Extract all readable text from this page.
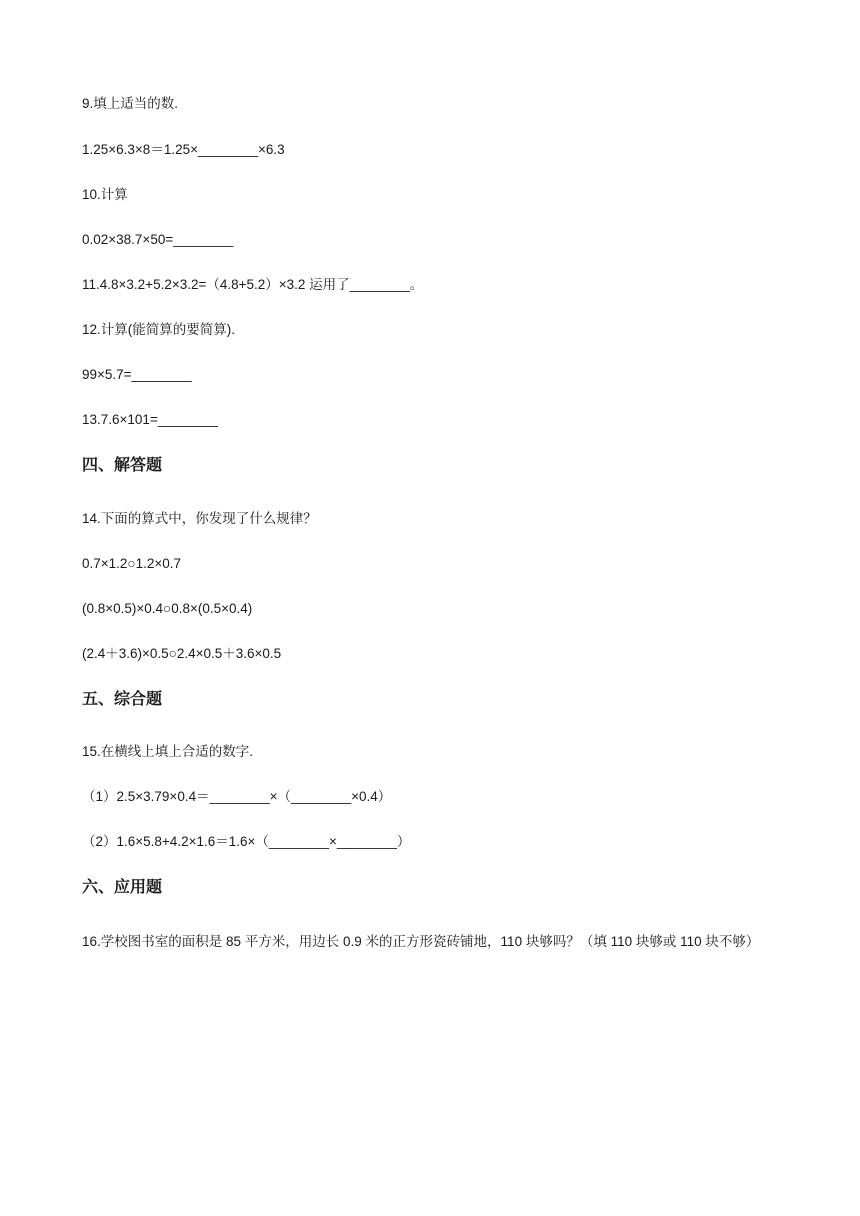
9.填上适当的数.
1.25×6.3×8＝1.25×________×6.3
10.计算
0.02×38.7×50=________
11.4.8×3.2+5.2×3.2=（4.8+5.2）×3.2 运用了________。
12.计算(能简算的要简算).
99×5.7=________
13.7.6×101=________
四、解答题
14.下面的算式中，你发现了什么规律？
0.7×1.2○1.2×0.7
(0.8×0.5)×0.4○0.8×(0.5×0.4)
(2.4＋3.6)×0.5○2.4×0.5＋3.6×0.5
五、综合题
15.在横线上填上合适的数字.
（1）2.5×3.79×0.4＝________×（________×0.4）
（2）1.6×5.8+4.2×1.6＝1.6×（________×________）
六、应用题
16.学校图书室的面积是 85 平方米，用边长 0.9 米的正方形瓷砖铺地，110 块够吗？（填 110 块够或 110 块不够）
